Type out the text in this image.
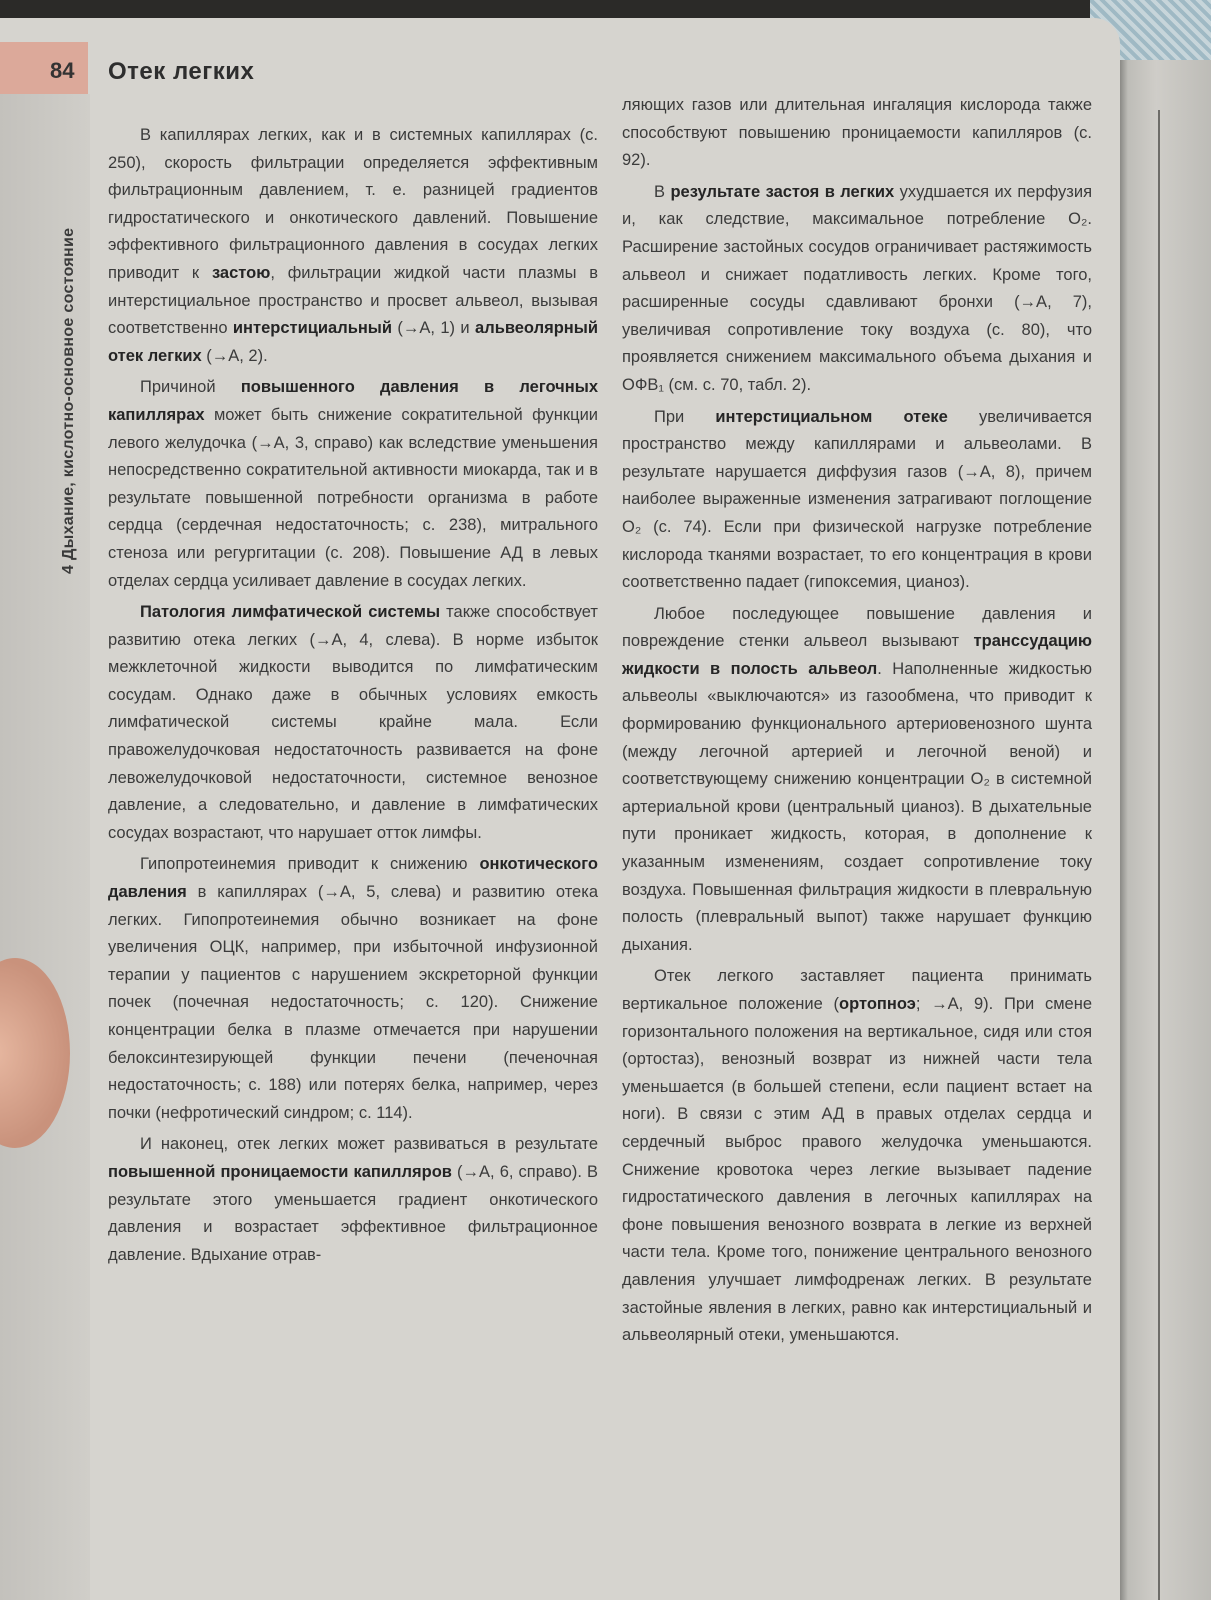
84 Отек легких
4 Дыхание, кислотно-основное состояние

В капиллярах легких, как и в системных капиллярах (с. 250), скорость фильтрации определяется эффективным фильтрационным давлением, т. е. разницей градиентов гидростатического и онкотического давлений. Повышение эффективного фильтрационного давления в сосудах легких приводит к застою, фильтрации жидкой части плазмы в интерстициальное пространство и просвет альвеол, вызывая соответственно интерстициальный (→A, 1) и альвеолярный отек легких (→A, 2).

Причиной повышенного давления в легочных капиллярах может быть снижение сократительной функции левого желудочка (→A, 3, справо) как вследствие уменьшения непосредственно сократительной активности миокарда, так и в результате повышенной потребности организма в работе сердца (сердечная недостаточность; с. 238), митрального стеноза или регургитации (с. 208). Повышение АД в левых отделах сердца усиливает давление в сосудах легких.

Патология лимфатической системы также способствует развитию отека легких (→A, 4, слева). В норме избыток межклеточной жидкости выводится по лимфатическим сосудам. Однако даже в обычных условиях емкость лимфатической системы крайне мала. Если правожелудочковая недостаточность развивается на фоне левожелудочковой недостаточности, системное венозное давление, а следовательно, и давление в лимфатических сосудах возрастают, что нарушает отток лимфы.

Гипопротеинемия приводит к снижению онкотического давления в капиллярах (→A, 5, слева) и развитию отека легких. Гипопротеинемия обычно возникает на фоне увеличения ОЦК, например, при избыточной инфузионной терапии у пациентов с нарушением экскреторной функции почек (почечная недостаточность; с. 120). Снижение концентрации белка в плазме отмечается при нарушении белоксинтезирующей функции печени (печеночная недостаточность; с. 188) или потерях белка, например, через почки (нефротический синдром; с. 114).

И наконец, отек легких может развиваться в результате повышенной проницаемости капилляров (→A, 6, справо). В результате этого уменьшается градиент онкотического давления и возрастает эффективное фильтрационное давление. Вдыхание отрав-

ляющих газов или длительная ингаляция кислорода также способствуют повышению проницаемости капилляров (с. 92).

В результате застоя в легких ухудшается их перфузия и, как следствие, максимальное потребление O₂. Расширение застойных сосудов ограничивает растяжимость альвеол и снижает податливость легких. Кроме того, расширенные сосуды сдавливают бронхи (→A, 7), увеличивая сопротивление току воздуха (с. 80), что проявляется снижением максимального объема дыхания и ОФВ₁ (см. с. 70, табл. 2).

При интерстициальном отеке увеличивается пространство между капиллярами и альвеолами. В результате нарушается диффузия газов (→A, 8), причем наиболее выраженные изменения затрагивают поглощение O₂ (с. 74). Если при физической нагрузке потребление кислорода тканями возрастает, то его концентрация в крови соответственно падает (гипоксемия, цианоз).

Любое последующее повышение давления и повреждение стенки альвеол вызывают транссудацию жидкости в полость альвеол. Наполненные жидкостью альвеолы «выключаются» из газообмена, что приводит к формированию функционального артериовенозного шунта (между легочной артерией и легочной веной) и соответствующему снижению концентрации O₂ в системной артериальной крови (центральный цианоз). В дыхательные пути проникает жидкость, которая, в дополнение к указанным изменениям, создает сопротивление току воздуха. Повышенная фильтрация жидкости в плевральную полость (плевральный выпот) также нарушает функцию дыхания.

Отек легкого заставляет пациента принимать вертикальное положение (ортопноэ; →A, 9). При смене горизонтального положения на вертикальное, сидя или стоя (ортостаз), венозный возврат из нижней части тела уменьшается (в большей степени, если пациент встает на ноги). В связи с этим АД в правых отделах сердца и сердечный выброс правого желудочка уменьшаются. Снижение кровотока через легкие вызывает падение гидростатического давления в легочных капиллярах на фоне повышения венозного возврата в легкие из верхней части тела. Кроме того, понижение центрального венозного давления улучшает лимфодренаж легких. В результате застойные явления в легких, равно как интерстициальный и альвеолярный отеки, уменьшаются.
